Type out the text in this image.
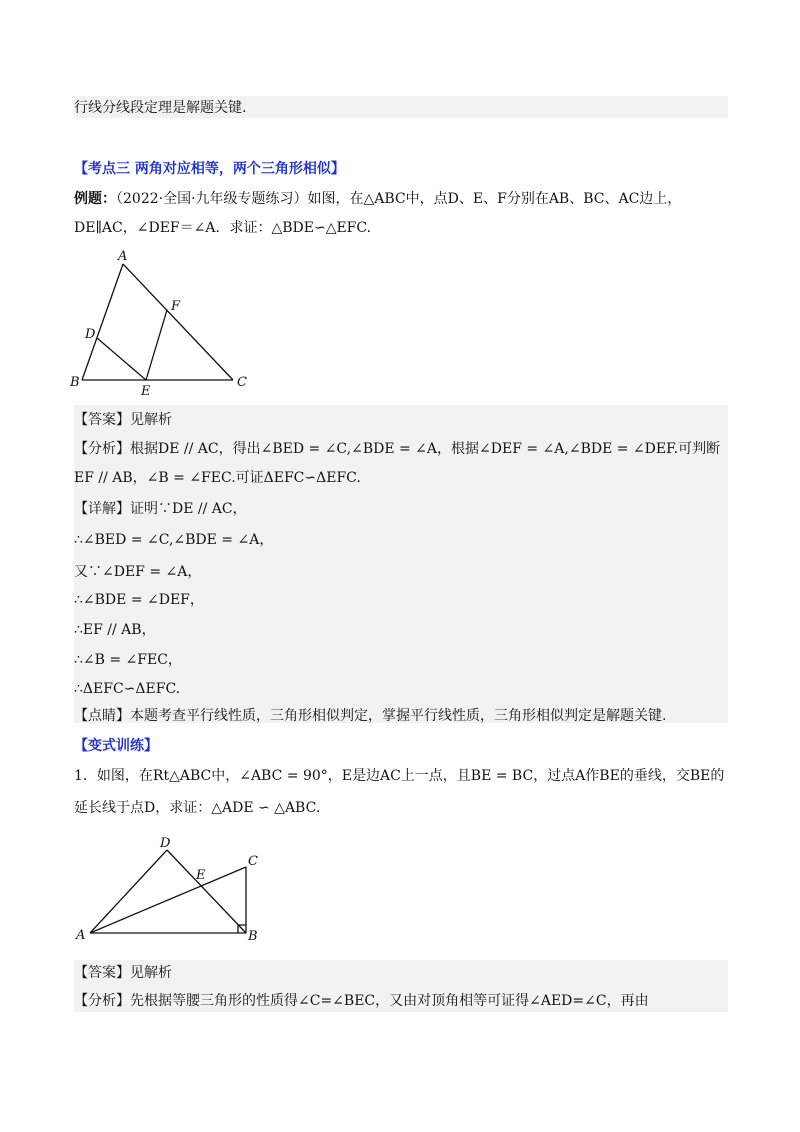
行线分线段定理是解题关键.
【考点三 两角对应相等，两个三角形相似】
例题：（2022·全国·九年级专题练习）如图，在△ABC中，点D、E、F分别在AB、BC、AC边上，
DE∥AC，∠DEF＝∠A．求证：△BDE∽△EFC.
A
B	C
D
E
F
【答案】见解析
【分析】根据DE // AC，得出∠BED = ∠C,∠BDE = ∠A，根据∠DEF = ∠A,∠BDE = ∠DEF.可判断
EF // AB，∠B = ∠FEC.可证ΔEFC∽ΔEFC.
【详解】证明∵DE // AC，
∴∠BED = ∠C,∠BDE = ∠A，
又∵∠DEF = ∠A，
∴∠BDE = ∠DEF，
∴EF // AB，
∴∠B = ∠FEC，
∴ΔEFC∽ΔEFC.
【点睛】本题考查平行线性质，三角形相似判定，掌握平行线性质，三角形相似判定是解题关键.
【变式训练】
1．如图，在Rt△ABC中，∠ABC = 90°，E是边AC上一点，且BE = BC，过点A作BE的垂线，交BE的
延长线于点D，求证：△ADE ∽ △ABC.
A	B
C
D
E
【答案】见解析
【分析】先根据等腰三角形的性质得∠C=∠BEC，又由对顶角相等可证得∠AED=∠C，再由
